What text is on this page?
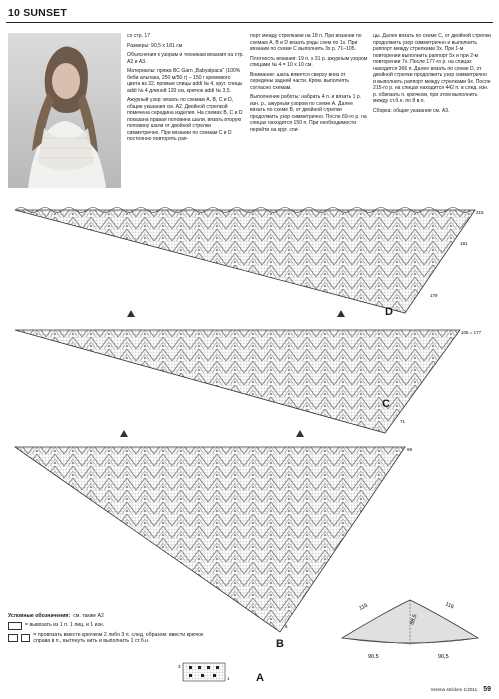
10 SUNSET

со стр. 17

Размеры: 90,5 х 181 см

Объяснения к узорам и техникам вязания на стр. А2 и А3.

Материалы: пряжа ВС Garn „Babyalpaca“ (100% беби альпака, 250 м/50 г) – 150 г кремового цвета вз 32, прямые спицы addi № 4, круг. спицы addi № 4 длиной 120 см, крючок addi № 3,5.

Ажурный узор: вязать по схемам А, В, С и D, общие указания см. А2. Двойной стрелкой помечена середина изделия. На схемах В, С и D показана правая половина шали, вязать вторую половину шали от двойной стрелки симметрично. При вязании по схемам С и D постоянно повторять рап-

порт между стрелками на 18 п. При вязании по схемам А, В и D вязать ряды схем по 1х. При вязании по схеме С выполнить 3х р. 71–105.

Плотность вязания: 19 п. x 31 р. ажурным узором спицами № 4 = 10 х 10 см.

Внимание: шаль вяжется сверху вниз от середины задней части. Кром. выполнять согласно схемам.

Выполнение работы: набрать 4 п. и вязать 1 р. изн. р., ажурным узором по схеме А. Далее вязать по схеме В, от двойной стрелки продолжить узор симметрично. После 69-го р. на спицах находится 150 п. При необходимости перейти на круг. спи-

цы. Далее вязать по схеме С, от двойной стрелки продолжить узор симметрично и выполнить раппорт между стрелками 3х. При 1-м повторении выполнить раппорт 5х и при 2-м повторении 7х. После 177-го р. на спицах находится 366 п. Далее вязать по схеме D, от двойной стрелки продолжить узор симметрично и выполнить раппорт между стрелками 9х. После 215-го р. на спицах находится 442 п. в след. изн. р. обвязать п. крючком, при этом выполнить между ст.б.н. по 8 в.п.

Сборка: общие указания см. А3.

215
191
179
D
105 = 177
71
C
69
5
B
3
1 A
Условные обозначения: см. также А2
= вывязать из 1 п. 1 лиц. и 1 изн.
= провязать вместе крючком 2 либо 3 п. след. образом: ввести крючок справа в п., вытянуть нить и выполнить 1 ст.б.н.
116	116
88,5
90,5	90,5
Verena stricken 1/2011 59
